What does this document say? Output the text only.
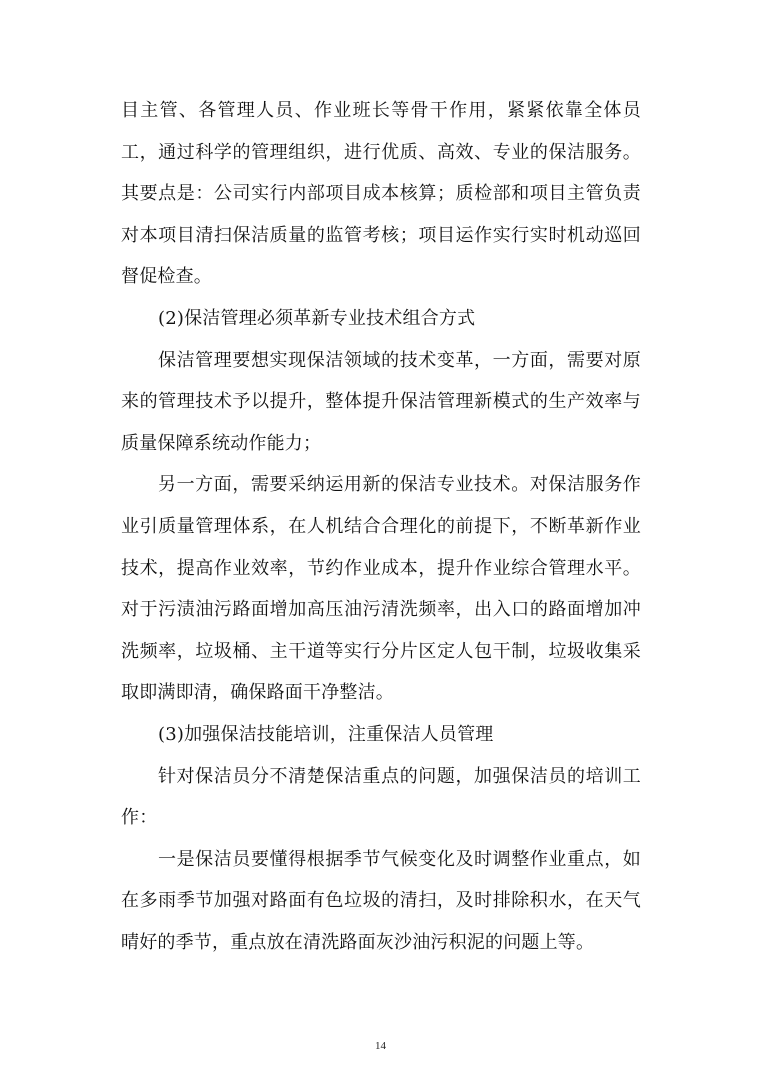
目主管、各管理人员、作业班长等骨干作用，紧紧依靠全体员工，通过科学的管理组织，进行优质、高效、专业的保洁服务。其要点是：公司实行内部项目成本核算；质检部和项目主管负责对本项目清扫保洁质量的监管考核；项目运作实行实时机动巡回督促检查。

(2)保洁管理必须革新专业技术组合方式

保洁管理要想实现保洁领域的技术变革，一方面，需要对原来的管理技术予以提升，整体提升保洁管理新模式的生产效率与质量保障系统动作能力；

另一方面，需要采纳运用新的保洁专业技术。对保洁服务作业引质量管理体系，在人机结合合理化的前提下，不断革新作业技术，提高作业效率，节约作业成本，提升作业综合管理水平。对于污渍油污路面增加高压油污清洗频率，出入口的路面增加冲洗频率，垃圾桶、主干道等实行分片区定人包干制，垃圾收集采取即满即清，确保路面干净整洁。

(3)加强保洁技能培训，注重保洁人员管理

针对保洁员分不清楚保洁重点的问题，加强保洁员的培训工作：

一是保洁员要懂得根据季节气候变化及时调整作业重点，如在多雨季节加强对路面有色垃圾的清扫，及时排除积水，在天气晴好的季节，重点放在清洗路面灰沙油污积泥的问题上等。

14
